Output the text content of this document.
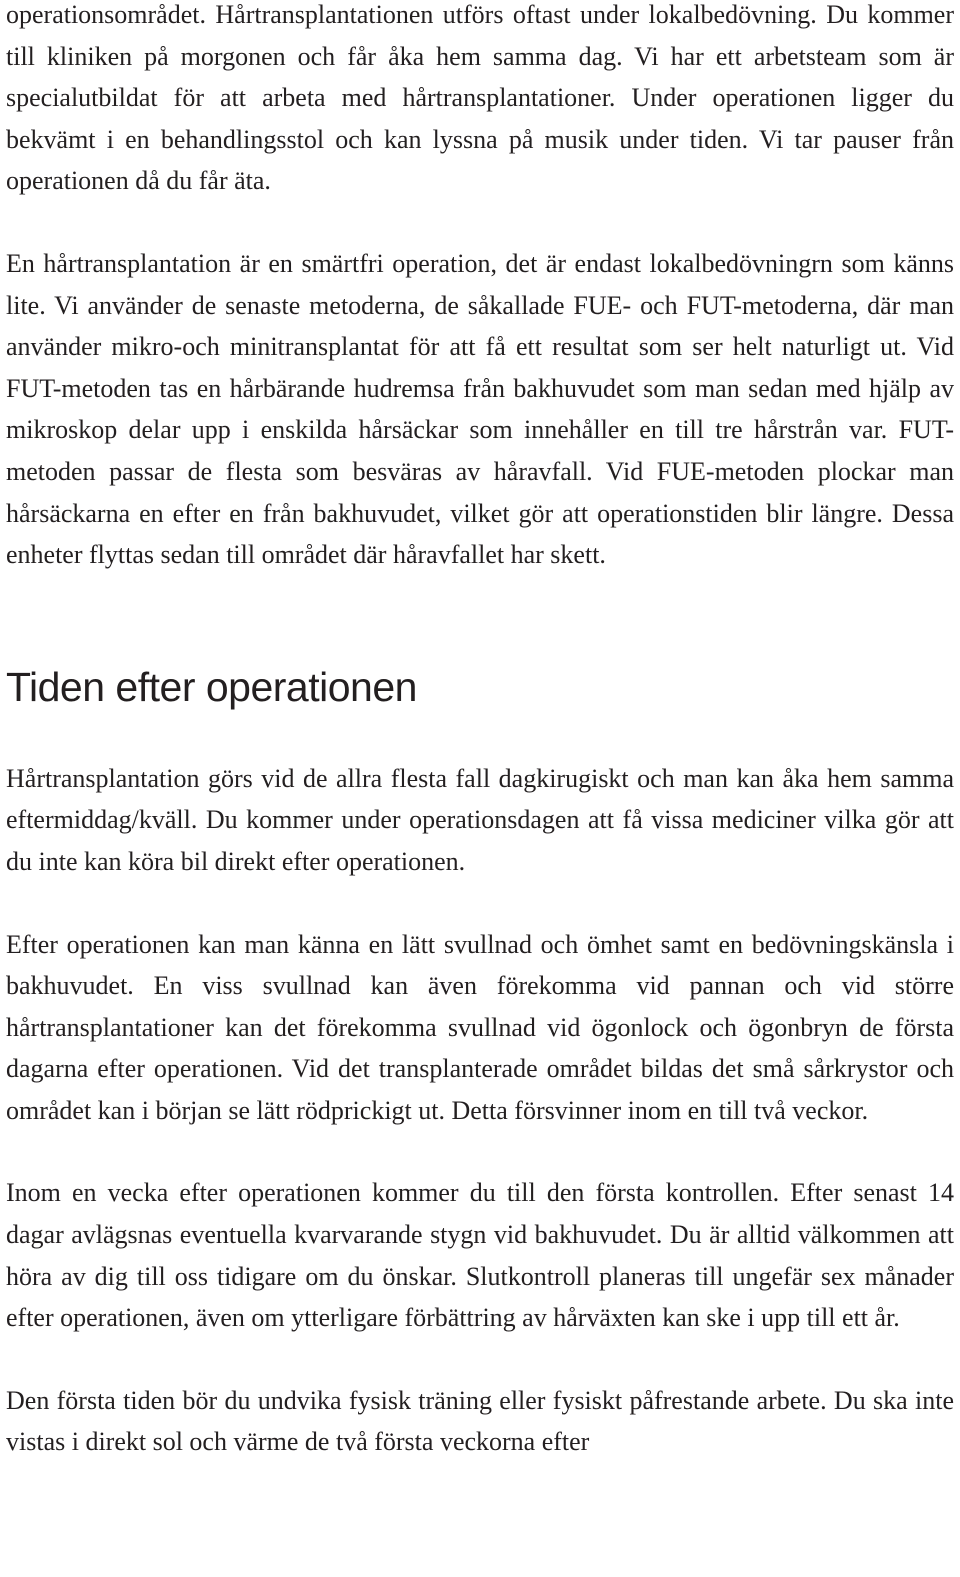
operationsområdet. Hårtransplantationen utförs oftast under lokalbedövning. Du kommer till kliniken på morgonen och får åka hem samma dag. Vi har ett arbetsteam som är specialutbildat för att arbeta med hårtransplantationer. Under operationen ligger du bekvämt i en behandlingsstol och kan lyssna på musik under tiden. Vi tar pauser från operationen då du får äta.

En hårtransplantation är en smärtfri operation, det är endast lokalbedövningrn som känns lite. Vi använder de senaste metoderna, de såkallade FUE- och FUT-metoderna, där man använder mikro-och minitransplantat för att få ett resultat som ser helt naturligt ut. Vid FUT-metoden tas en hårbärande hudremsa från bakhuvudet som man sedan med hjälp av mikroskop delar upp i enskilda hårsäckar som innehåller en till tre hårstrån var. FUT-metoden passar de flesta som besväras av håravfall. Vid FUE-metoden plockar man hårsäckarna en efter en från bakhuvudet, vilket gör att operationstiden blir längre. Dessa enheter flyttas sedan till området där håravfallet har skett.

Tiden efter operationen

Hårtransplantation görs vid de allra flesta fall dagkirugiskt och man kan åka hem samma eftermiddag/kväll. Du kommer under operationsdagen att få vissa mediciner vilka gör att du inte kan köra bil direkt efter operationen.

Efter operationen kan man känna en lätt svullnad och ömhet samt en bedövningskänsla i bakhuvudet. En viss svullnad kan även förekomma vid pannan och vid större hårtransplantationer kan det förekomma svullnad vid ögonlock och ögonbryn de första dagarna efter operationen. Vid det transplanterade området bildas det små sårkrystor och området kan i början se lätt rödprickigt ut. Detta försvinner inom en till två veckor.

Inom en vecka efter operationen kommer du till den första kontrollen. Efter senast 14 dagar avlägsnas eventuella kvarvarande stygn vid bakhuvudet. Du är alltid välkommen att höra av dig till oss tidigare om du önskar. Slutkontroll planeras till ungefär sex månader efter operationen, även om ytterligare förbättring av hårväxten kan ske i upp till ett år.

Den första tiden bör du undvika fysisk träning eller fysiskt påfrestande arbete. Du ska inte vistas i direkt sol och värme de två första veckorna efter
